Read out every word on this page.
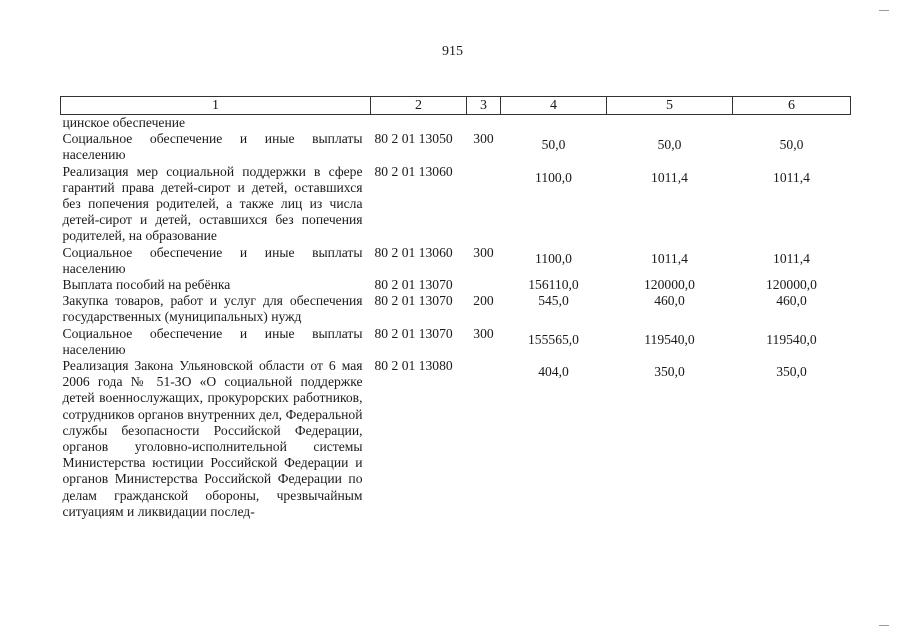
915
1	2	3	4	5	6
цинское обеспечение					
Социальное обеспечение и иные выплаты населению	80 2 01 13050	300	50,0	50,0	50,0
Реализация мер социальной поддержки в сфере гарантий права детей-сирот и детей, оставшихся без попечения родителей, а также лиц из числа детей-сирот и детей, оставшихся без попечения родителей, на образование	80 2 01 13060		1100,0	1011,4	1011,4
Социальное обеспечение и иные выплаты населению	80 2 01 13060	300	1100,0	1011,4	1011,4
Выплата пособий на ребёнка	80 2 01 13070		156110,0	120000,0	120000,0
Закупка товаров, работ и услуг для обеспечения государственных (муниципальных) нужд	80 2 01 13070	200	545,0	460,0	460,0
Социальное обеспечение и иные выплаты населению	80 2 01 13070	300	155565,0	119540,0	119540,0
Реализация Закона Ульяновской области от 6 мая 2006 года № 51-ЗО «О социальной поддержке детей военнослужащих, прокурорских работников, сотрудников органов внутренних дел, Федеральной службы безопасности Российской Федерации, органов уголовно-исполнительной системы Министерства юстиции Российской Федерации и органов Министерства Российской Федерации по делам гражданской обороны, чрезвычайным ситуациям и ликвидации послед-	80 2 01 13080		404,0	350,0	350,0
